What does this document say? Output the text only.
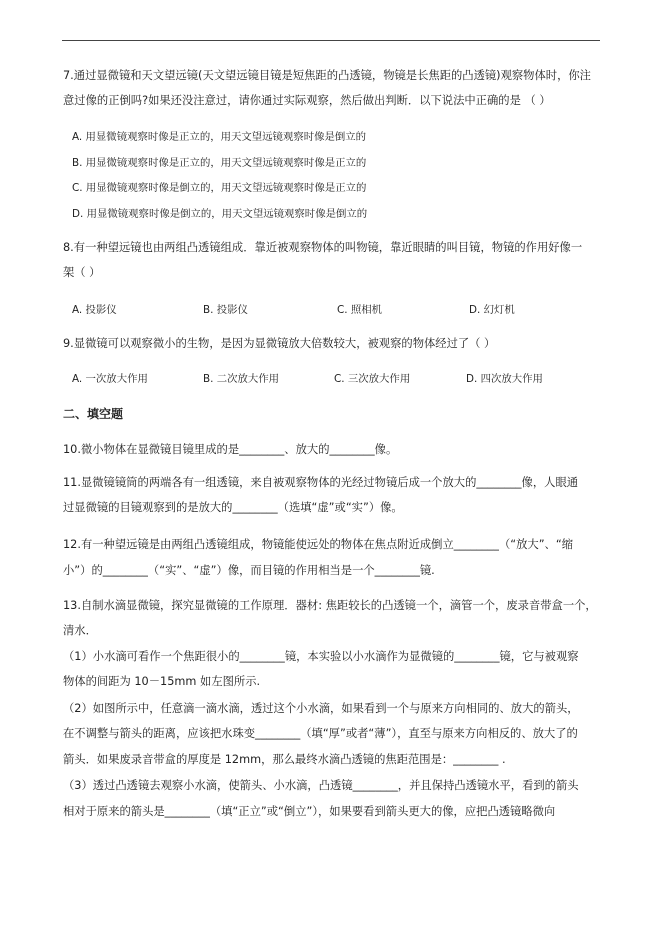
7.通过显微镜和天文望远镜(天文望远镜目镜是短焦距的凸透镜，物镜是长焦距的凸透镜)观察物体时，你注
意过像的正倒吗?如果还没注意过，请你通过实际观察，然后做出判断．以下说法中正确的是 （ ）
A. 用显微镜观察时像是正立的，用天文望远镜观察时像是倒立的
B. 用显微镜观察时像是正立的，用天文望远镜观察时像是正立的
C. 用显微镜观察时像是倒立的，用天文望远镜观察时像是正立的
D. 用显微镜观察时像是倒立的，用天文望远镜观察时像是倒立的
8.有一种望远镜也由两组凸透镜组成．靠近被观察物体的叫物镜，靠近眼睛的叫目镜，物镜的作用好像一
架（ ）
A. 投影仪	B. 投影仪	C. 照相机	D. 幻灯机
9.显微镜可以观察微小的生物，是因为显微镜放大倍数较大，被观察的物体经过了（ ）
A. 一次放大作用	B. 二次放大作用	C. 三次放大作用	D. 四次放大作用
二、填空题
10.微小物体在显微镜目镜里成的是________、放大的________像。
11.显微镜镜筒的两端各有一组透镜，来自被观察物体的光经过物镜后成一个放大的________像，人眼通
过显微镜的目镜观察到的是放大的________（选填“虚”或“实”）像。
12.有一种望远镜是由两组凸透镜组成，物镜能使远处的物体在焦点附近成倒立________（“放大”、“缩
小”）的________（“实”、“虚”）像，而目镜的作用相当是一个________镜.
13.自制水滴显微镜，探究显微镜的工作原理．器材: 焦距较长的凸透镜一个，滴管一个，废录音带盒一个，
清水．
（1）小水滴可看作一个焦距很小的________镜，本实验以小水滴作为显微镜的________镜，它与被观察
物体的间距为 10－15mm 如左图所示.
（2）如图所示中，任意滴一滴水滴，透过这个小水滴，如果看到一个与原来方向相同的、放大的箭头，
在不调整与箭头的距离，应该把水珠变________（填“厚”或者“薄”），直至与原来方向相反的、放大了的
箭头．如果废录音带盒的厚度是 12mm，那么最终水滴凸透镜的焦距范围是：________ .
（3）透过凸透镜去观察小水滴，使箭头、小水滴，凸透镜________，并且保持凸透镜水平，看到的箭头
相对于原来的箭头是________（填“正立”或“倒立”），如果要看到箭头更大的像，应把凸透镜略微向
